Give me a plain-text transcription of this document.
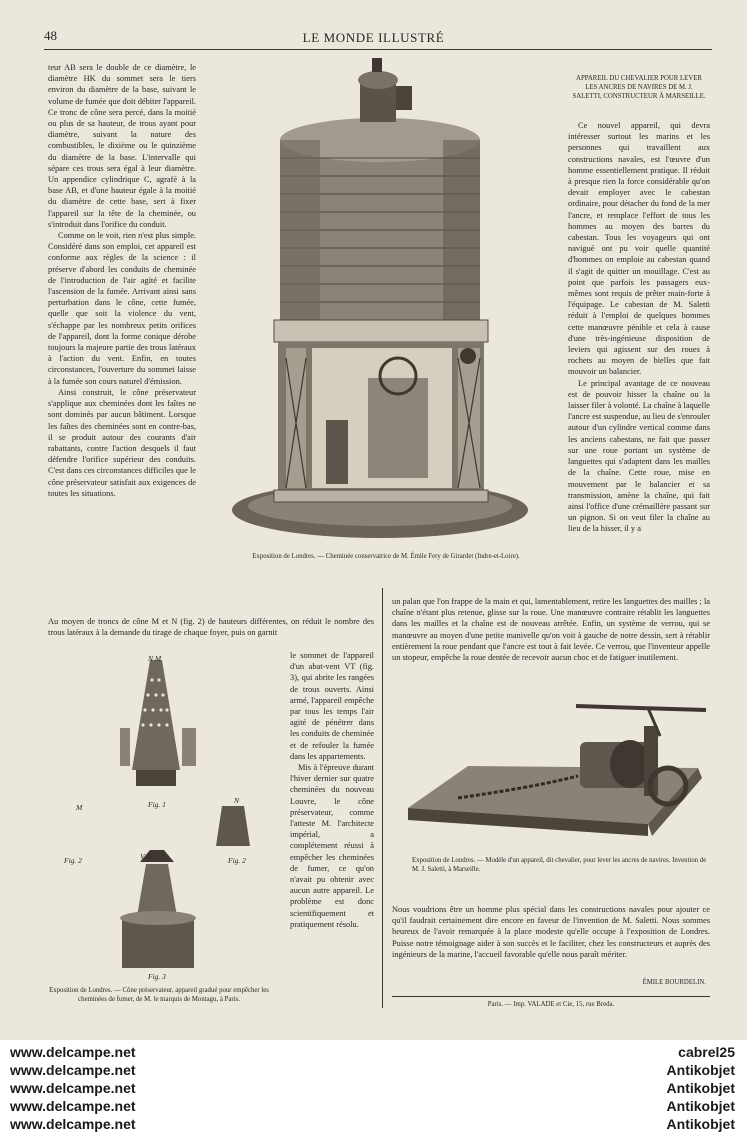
48	LE MONDE ILLUSTRÉ
teur AB sera le double de ce diamètre, le diamètre HK du sommet sera le tiers environ du diamètre de la base, suivant le volume de fumée que doit débiter l'appareil. Ce tronc de cône sera percé, dans la moitié ou plus de sa hauteur, de trous ayant pour diamètre, suivant la nature des combustibles, le dixième ou le quinzième du diamètre de la base. L'intervalle qui sépare ces trous sera égal à leur diamètre. Un appendice cylindrique C, agrafé à la base AB, et d'une hauteur égale à la moitié du diamètre de cette base, sert à fixer l'appareil sur la tête de la cheminée, ou s'introduit dans l'orifice du conduit.
Comme on le voit, rien n'est plus simple. Considéré dans son emploi, cet appareil est conforme aux règles de la science : il préserve d'abord les conduits de cheminée de l'introduction de l'air agité et facilite l'ascension de la fumée. Arrivant ainsi sans perturbation dans le cône, cette fumée, quelle que soit la violence du vent, s'échappe par les nombreux petits orifices de l'appareil, dont la forme conique dérobe toujours la majeure partie des trous latéraux à l'action du vent. Enfin, en toutes circonstances, l'ouverture du sommet laisse à la fumée son cours naturel d'émission.
Ainsi construit, le cône préservateur s'applique aux cheminées dont les faîtes ne sont dominés par aucun bâtiment. Lorsque les faîtes des cheminées sont en contre-bas, il se produit autour des courants d'air rabattants, contre l'action desquels il faut défendre l'orifice supérieur des conduits. C'est dans ces circonstances difficiles que le cône préservateur satisfait aux exigences de toutes les situations.
Exposition de Londres. — Cheminée conservatrice de M. Émile Fery de Girardet (Indre-et-Loire).
APPAREIL DU CHEVALIER POUR LEVER LES ANCRES DE NAVIRES DE M. J. SALETTI, CONSTRUCTEUR À MARSEILLE.
Ce nouvel appareil, qui devra intéresser surtout les marins et les personnes qui travaillent aux constructions navales, est l'œuvre d'un homme essentiellement pratique. Il réduit à presque rien la force considérable qu'on devait employer avec le cabestan ordinaire, pour détacher du fond de la mer l'ancre, et remplace l'effort de tous les hommes au moyen des barres du cabestan. Tous les voyageurs qui ont navigué ont pu voir quelle quantité d'hommes on emploie au cabestan quand il s'agit de quitter un mouillage. C'est au point que parfois les passagers eux-mêmes sont requis de prêter main-forte à l'équipage. Le cabestan de M. Saletti réduit à l'emploi de quelques hommes cette manœuvre pénible et cela à cause d'une très-ingénieuse disposition de leviers qui agissent sur des roues à rochets au moyen de bielles que fait mouvoir un balancier.
Le principal avantage de ce nouveau est de pouvoir hisser la chaîne ou la laisser filer à volonté. La chaîne à laquelle l'ancre est suspendue, au lieu de s'enrouler autour d'un cylindre vertical comme dans les anciens cabestans, ne fait que passer sur une roue portant un système de languettes qui s'adaptent dans les mailles de la chaîne. Cette roue, mise en mouvement par le balancier et sa transmission, amène la chaîne, qui fait ainsi l'office d'une crémaillère passant sur un pignon. Si on veut filer la chaîne au lieu de la hisser, il y a
Au moyen de troncs de cône M et N (fig. 2) de hauteurs différentes, on réduit le nombre des trous latéraux à la demande du tirage de chaque foyer, puis on garnit
N M
Fig. 1
M
N
Fig. 2	Fig. 2
V C
Fig. 3
Exposition de Londres. — Cône préservateur, appareil gradué pour empêcher les cheminées de fumer, de M. le marquis de Montagu, à Paris.
le sommet de l'appareil d'un abat-vent VT (fig. 3), qui abrite les rangées de trous ouverts. Ainsi armé, l'appareil empêche par tous les temps l'air agité de pénétrer dans les conduits de cheminée et de refouler la fumée dans les appartements.
Mis à l'épreuve durant l'hiver dernier sur quatre cheminées du nouveau Louvre, le cône préservateur, comme l'atteste M. l'architecte impérial, a complétement réussi à empêcher les cheminées de fumer, ce qu'on n'avait pu obtenir avec aucun autre appareil. Le problème est donc scientifiquement et pratiquement résolu.
un palan que l'on frappe de la main et qui, lamentablement, retire les languettes des mailles ; la chaîne n'étant plus retenue, glisse sur la roue. Une manœuvre contraire rétablit les languettes dans les mailles et la chaîne est de nouveau arrêtée. Enfin, un système de verrou, qui se manœuvre au moyen d'une petite manivelle qu'on voit à gauche de notre dessin, sert à rétablir entièrement la roue pendant que l'ancre est tout à fait levée. Ce verrou, que l'inventeur appelle un stopeur, empêche la roue dentée de recevoir aucun choc et de fatiguer inutilement.
Exposition de Londres. — Modèle d'un appareil, dit chevalier, pour lever les ancres de navires. Invention de M. J. Saletti, à Marseille.
Nous voudrions être un homme plus spécial dans les constructions navales pour ajouter ce qu'il faudrait certainement dire encore en faveur de l'invention de M. Saletti. Nous sommes heureux de l'avoir remarquée à la place modeste qu'elle occupe à l'exposition de Londres. Puisse notre témoignage aider à son succès et le faciliter, chez les constructeurs et auprès des ingénieurs de la marine, l'accueil favorable qu'elle nous paraît mériter.
ÉMILE BOURDELIN.
Paris. — Imp. VALADE et Cie, 15, rue Breda.
www.delcampe.net
www.delcampe.net
www.delcampe.net
www.delcampe.net
www.delcampe.net
cabrel25
Antikobjet
Antikobjet
Antikobjet
Antikobjet
